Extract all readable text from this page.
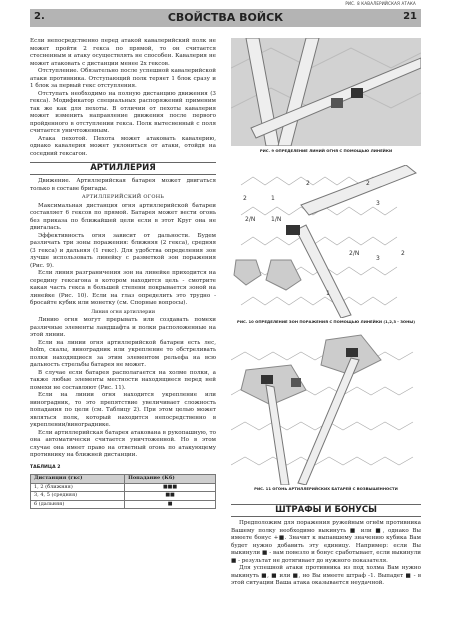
РИС. 8 КАВАЛЕРИЙСКАЯ АТАКА
2.	СВОЙСТВА ВОЙСК	21

Если непосредственно перед атакой кавалерийский полк не может пройти 2 гекса по прямой, то он считается стесненным и атаку осуществлять не способен. Кавалерия не может атаковать с дистанции менее 2х гексов.

Отступление. Обязательно после успешной кавалерийской атаки противника. Отступающий полк теряет 1 блок сразу и 1 блок за первый гекс отступления.

Отступать необходимо на полную дистанцию движения (3 гекса). Модификатор специальных распоряжений применим так же как для пехоты. В отличии от пехоты кавалерия может изменить направление движения после первого пройденного в отступлении гекса. Полк вытесненный с поля считается уничтоженным.

Атака пехотой. Пехота может атаковать кавалерию, однако кавалерия может уклониться от атаки, отойдя на соседний гексагон.

АРТИЛЛЕРИЯ

Движение. Артиллерийская батарея может двигаться только в составе бригады.

АРТИЛЛЕРИЙСКИЙ ОГОНЬ

Максимальная дистанция огня артиллерийской батареи составляет 6 гексов по прямой. Батарея может вести огонь без приказа по ближайшей цели если в этот Круг она не двигалась.

Эффективность огня зависит от дальности. Будем различать три зоны поражения: ближняя (2 гекса), средняя (3 гекса) и дальняя (1 гекс). Для удобства определения зон лучше использовать линейку с разметкой зон поражения (Рис. 9).

Если линия разграничения зон на линейке приходится на середину гексагона в котором находится цель - смотрите какая часть гекса в большей степени покрывается зоной на линейке (Рис. 10). Если на глаз определить это трудно - бросайте кубик или монетку (см. Спорные вопросы).

Линия огня артиллерии

Линию огня могут прерывать или создавать помехи различные элементы ландшафта и полки расположенные на этой линии.

Если на линии огня артиллерийской батареи есть лес, holm, скалы, виноградник или укрепление то обстреливать полки находящиеся за этим элементом рельефа на всю дальность стрельбы батарея не может.

В случае если батарея располагается на холме полки, а также любые элементы местности находящиеся перед ней помехи не составляют (Рис. 11).

Если на линии огня находится укрепление или виноградник, то это препятствие увеличивает сложность попадания по цели (см. Таблицу 2). При этом целью может являться полк, который находится непосредственно в укреплении/винограднике.

Если артиллерийская батарея атакована в рукопашную, то она автоматически считается уничтоженной. Но в этом случае она имеет право на ответный огонь по атакующему противнику на ближней дистанции.

ТАБЛИЦА 2
Дистанция (гкс)	Попадание (К6)
1, 2 (ближняя)	■■■
3, 4, 5 (средняя)	■■
6 (дальняя)	■
РИС. 9 ОПРЕДЕЛЕНИЕ ЛИНИЙ ОГНЯ С ПОМОЩЬЮ ЛИНЕЙКИ
2
2/N
1
1/N
2	2
3
2/N
3
2
1
РИС. 10 ОПРЕДЕЛЕНИЕ ЗОН ПОРАЖЕНИЯ С ПОМОЩЬЮ ЛИНЕЙКИ (1,2,3 - ЗОНЫ)
РИС. 11 ОГОНЬ АРТИЛЛЕРИЙСКИХ БАТАРЕЙ С ВОЗВЫШЕННОСТИ
ШТРАФЫ И БОНУСЫ

Предположим для поражения ружейным огнём противника Вашему полку необходимо выкинуть ■ или ■, однако Вы имеете бонус +■. Значит к выпавшему значению кубика Вам будет нужно добавить эту единицу. Например: если Вы выкинули ■ - вам повезло и бонус сработывает, если выкинули ■ - результат не дотягивает до нужного показателя.

Для успешной атаки противника из под холма Вам нужно выкинуть ■, ■ или ■, но Вы имеете штраф -1. Выпадет ■ - в этой ситуации Ваша атака оказывается неудачной.
